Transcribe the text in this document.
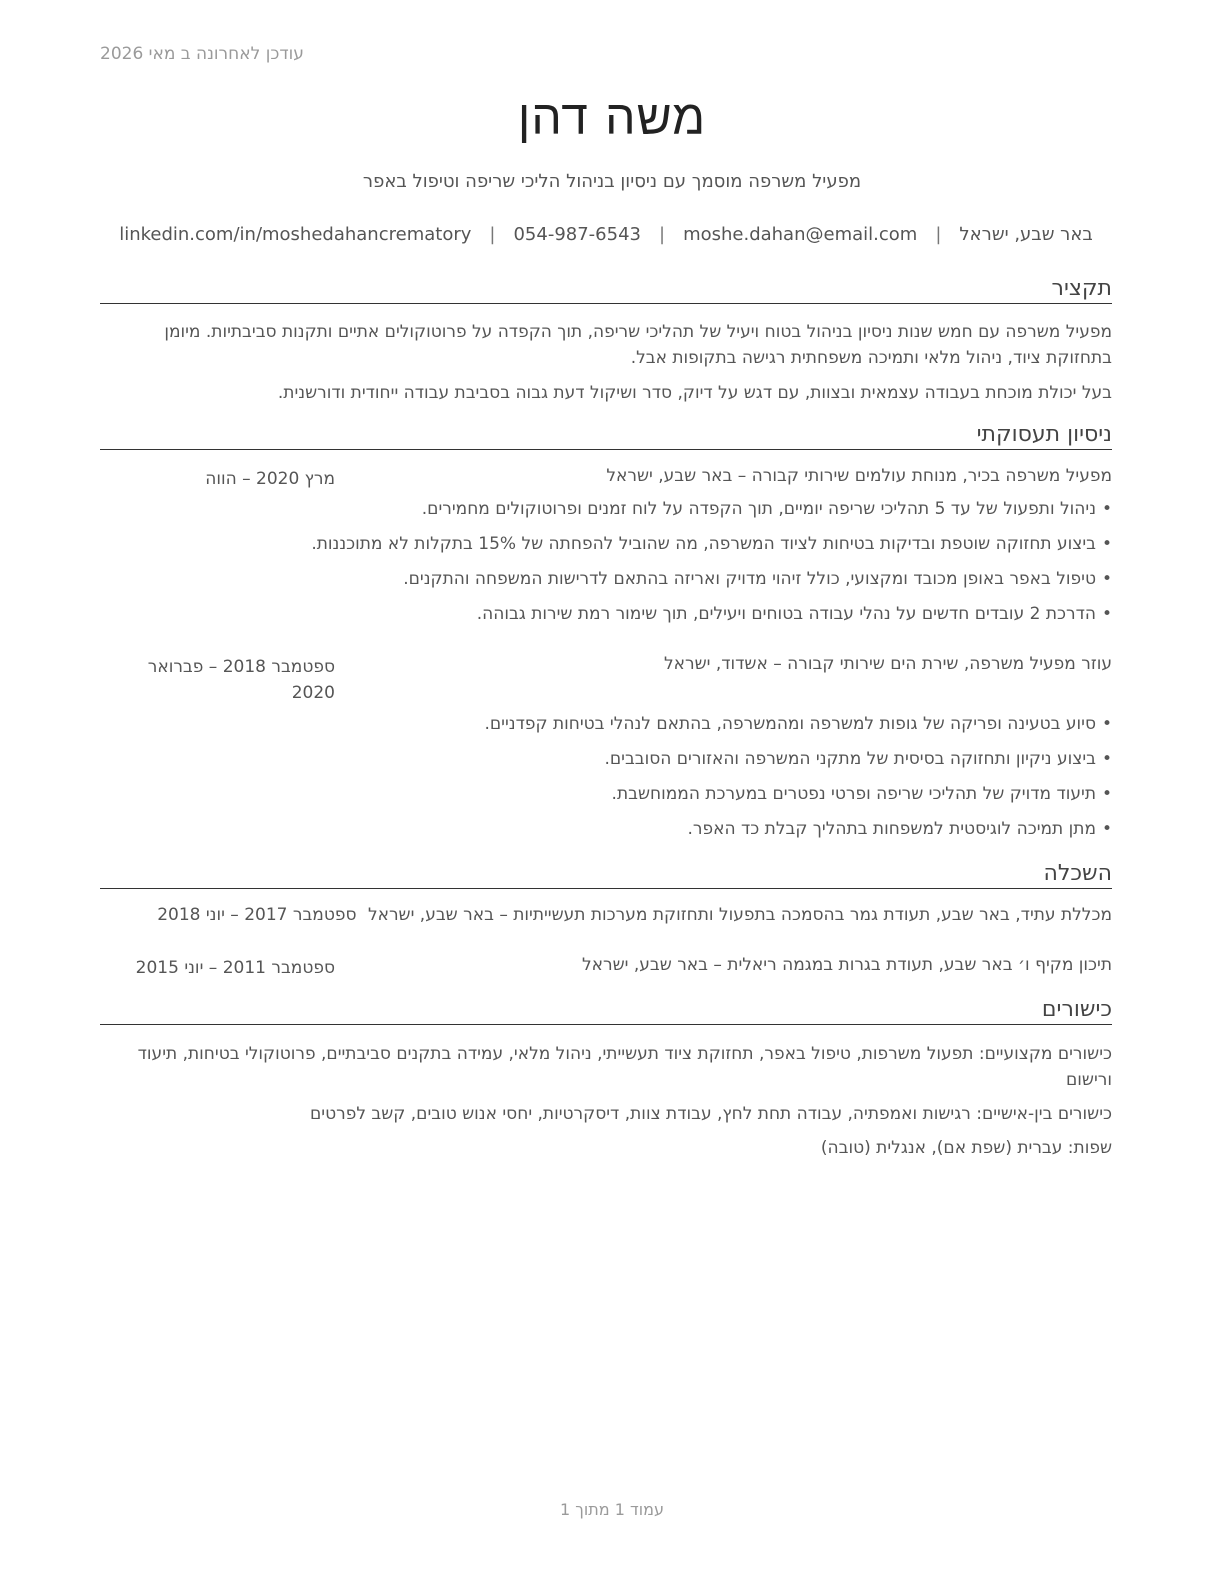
עודכן לאחרונה ב מאי 2026
משה דהן
מפעיל משרפה מוסמך עם ניסיון בניהול הליכי שריפה וטיפול באפר
באר שבע, ישראל
|
moshe.dahan@email.com
|
054-987-6543
|
linkedin.com/in/moshedahancrematory
תקציר
מפעיל משרפה עם חמש שנות ניסיון בניהול בטוח ויעיל של תהליכי שריפה, תוך הקפדה על פרוטוקולים אתיים ותקנות סביבתיות. מיומן בתחזוקת ציוד, ניהול מלאי ותמיכה משפחתית רגישה בתקופות אבל.
בעל יכולת מוכחת בעבודה עצמאית ובצוות, עם דגש על דיוק, סדר ושיקול דעת גבוה בסביבת עבודה ייחודית ודורשנית.
ניסיון תעסוקתי
מפעיל משרפה בכיר, מנוחת עולמים שירותי קבורה – באר שבע, ישראל
מרץ 2020 – הווה
• ניהול ותפעול של עד 5 תהליכי שריפה יומיים, תוך הקפדה על לוח זמנים ופרוטוקולים מחמירים.
• ביצוע תחזוקה שוטפת ובדיקות בטיחות לציוד המשרפה, מה שהוביל להפחתה של 15% בתקלות לא מתוכננות.
• טיפול באפר באופן מכובד ומקצועי, כולל זיהוי מדויק ואריזה בהתאם לדרישות המשפחה והתקנים.
• הדרכת 2 עובדים חדשים על נהלי עבודה בטוחים ויעילים, תוך שימור רמת שירות גבוהה.
עוזר מפעיל משרפה, שירת הים שירותי קבורה – אשדוד, ישראל
ספטמבר 2018 – פברואר 2020
• סיוע בטעינה ופריקה של גופות למשרפה ומהמשרפה, בהתאם לנהלי בטיחות קפדניים.
• ביצוע ניקיון ותחזוקה בסיסית של מתקני המשרפה והאזורים הסובבים.
• תיעוד מדויק של תהליכי שריפה ופרטי נפטרים במערכת הממוחשבת.
• מתן תמיכה לוגיסטית למשפחות בתהליך קבלת כד האפר.
השכלה
מכללת עתיד, באר שבע, תעודת גמר בהסמכה בתפעול ותחזוקת מערכות תעשייתיות – באר שבע, ישראל ספטמבר 2017 – יוני 2018
תיכון מקיף ו׳ באר שבע, תעודת בגרות במגמה ריאלית – באר שבע, ישראל
ספטמבר 2011 – יוני 2015
כישורים
כישורים מקצועיים: תפעול משרפות, טיפול באפר, תחזוקת ציוד תעשייתי, ניהול מלאי, עמידה בתקנים סביבתיים, פרוטוקולי בטיחות, תיעוד ורישום
כישורים בין-אישיים: רגישות ואמפתיה, עבודה תחת לחץ, עבודת צוות, דיסקרטיות, יחסי אנוש טובים, קשב לפרטים
שפות: עברית (שפת אם), אנגלית (טובה)
עמוד 1 מתוך 1
